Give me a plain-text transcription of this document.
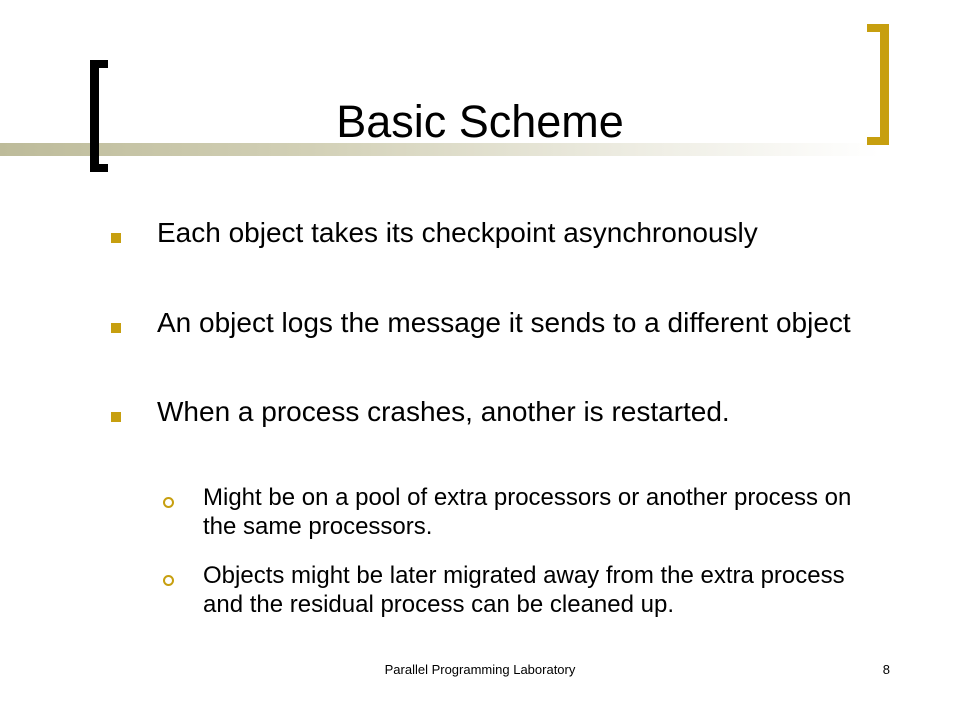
Basic Scheme
Each object takes its checkpoint asynchronously
An object logs the message it sends to a different object
When a process crashes, another is restarted.
Might be on a pool of extra processors or another process on the same processors.
Objects might be later migrated away from the extra process and the residual process can be cleaned up.
Parallel Programming Laboratory	8
